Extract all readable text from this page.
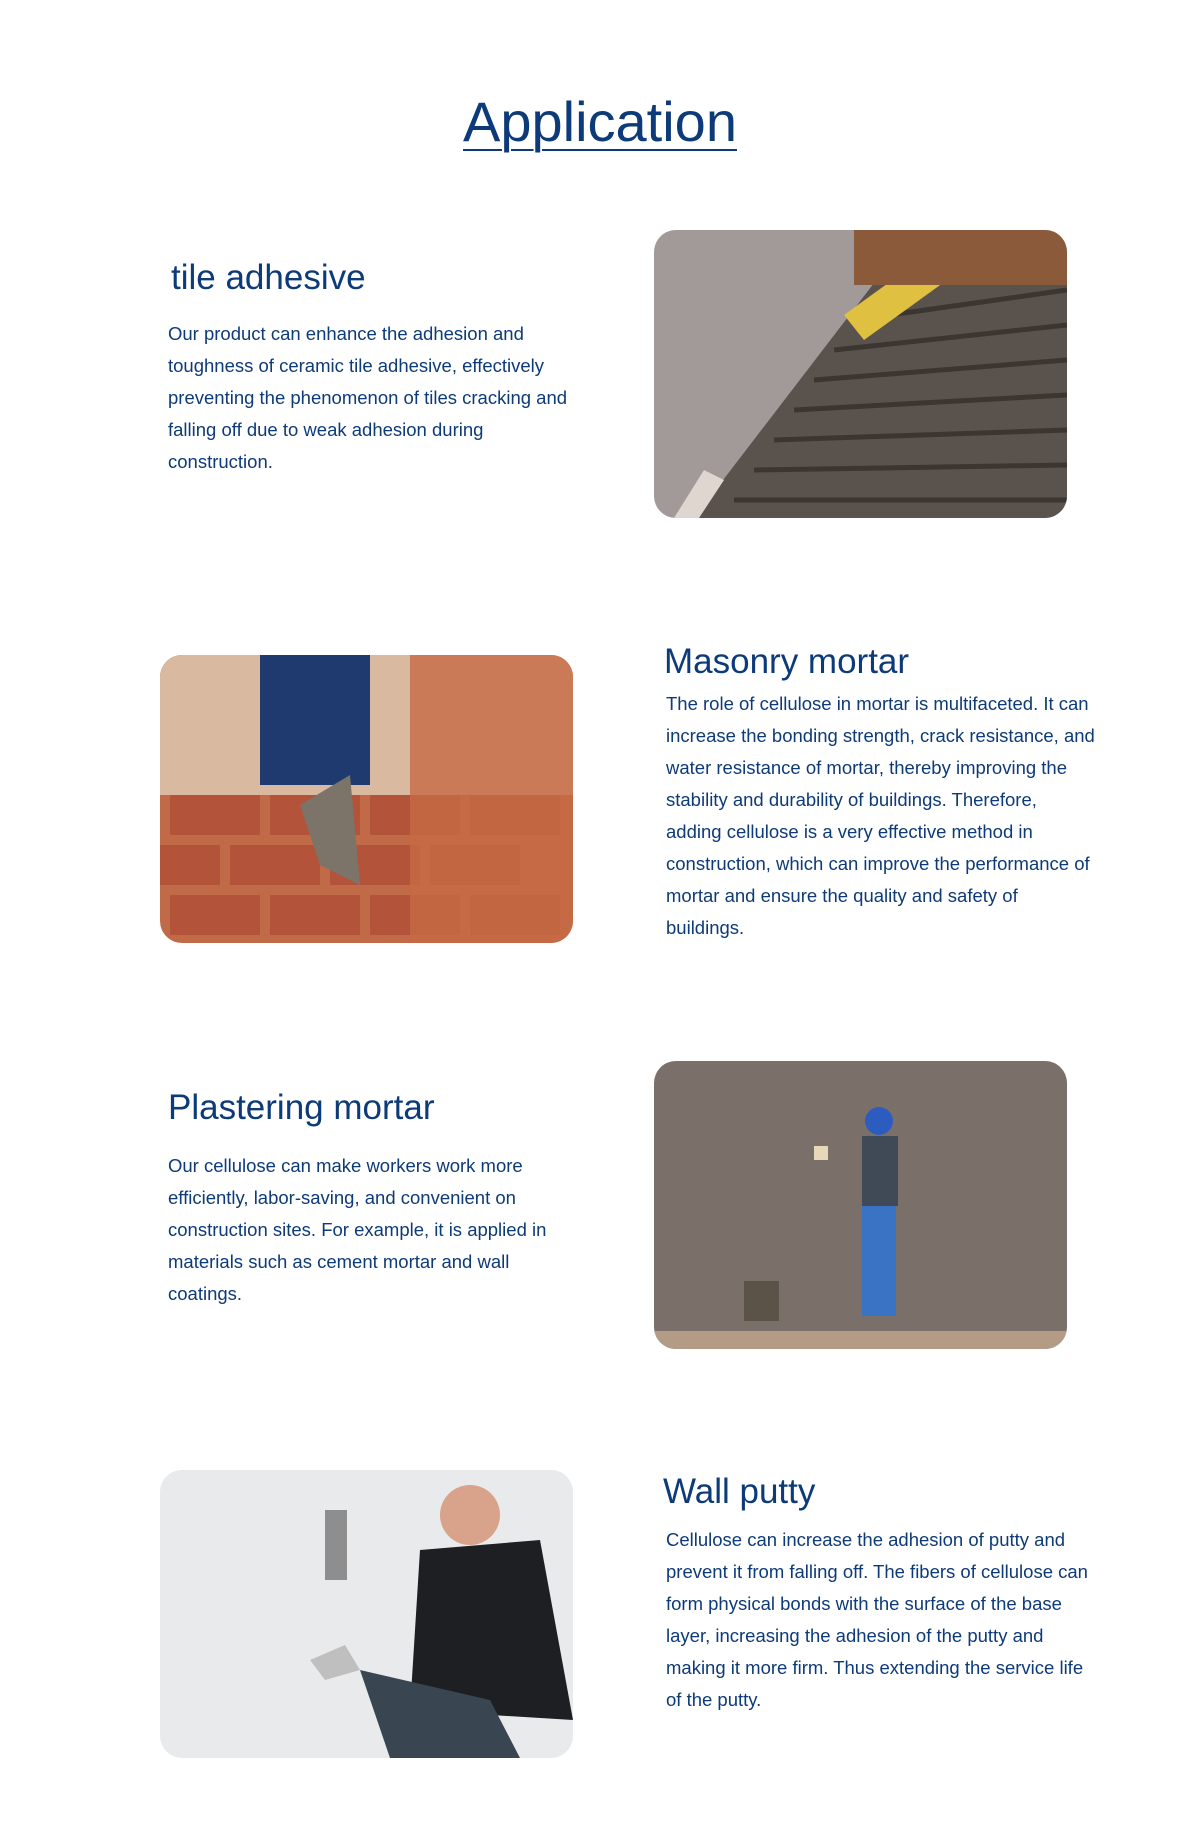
Application
tile adhesive

Our product can enhance the adhesion and toughness of ceramic tile adhesive, effectively preventing the phenomenon of tiles cracking and falling off due to weak adhesion during construction.

Masonry mortar

The role of cellulose in mortar is multifaceted. It can increase the bonding strength, crack resistance, and water resistance of mortar, thereby improving the stability and durability of buildings. Therefore, adding cellulose is a very effective method in construction, which can improve the performance of mortar and ensure the quality and safety of buildings.

Plastering mortar

Our cellulose can make workers work more efficiently, labor-saving, and convenient on construction sites. For example, it is applied in materials such as cement mortar and wall coatings.

Wall putty

Cellulose can increase the adhesion of putty and prevent it from falling off. The fibers of cellulose can form physical bonds with the surface of the base layer, increasing the adhesion of the putty and making it more firm. Thus extending the service life of the putty.
